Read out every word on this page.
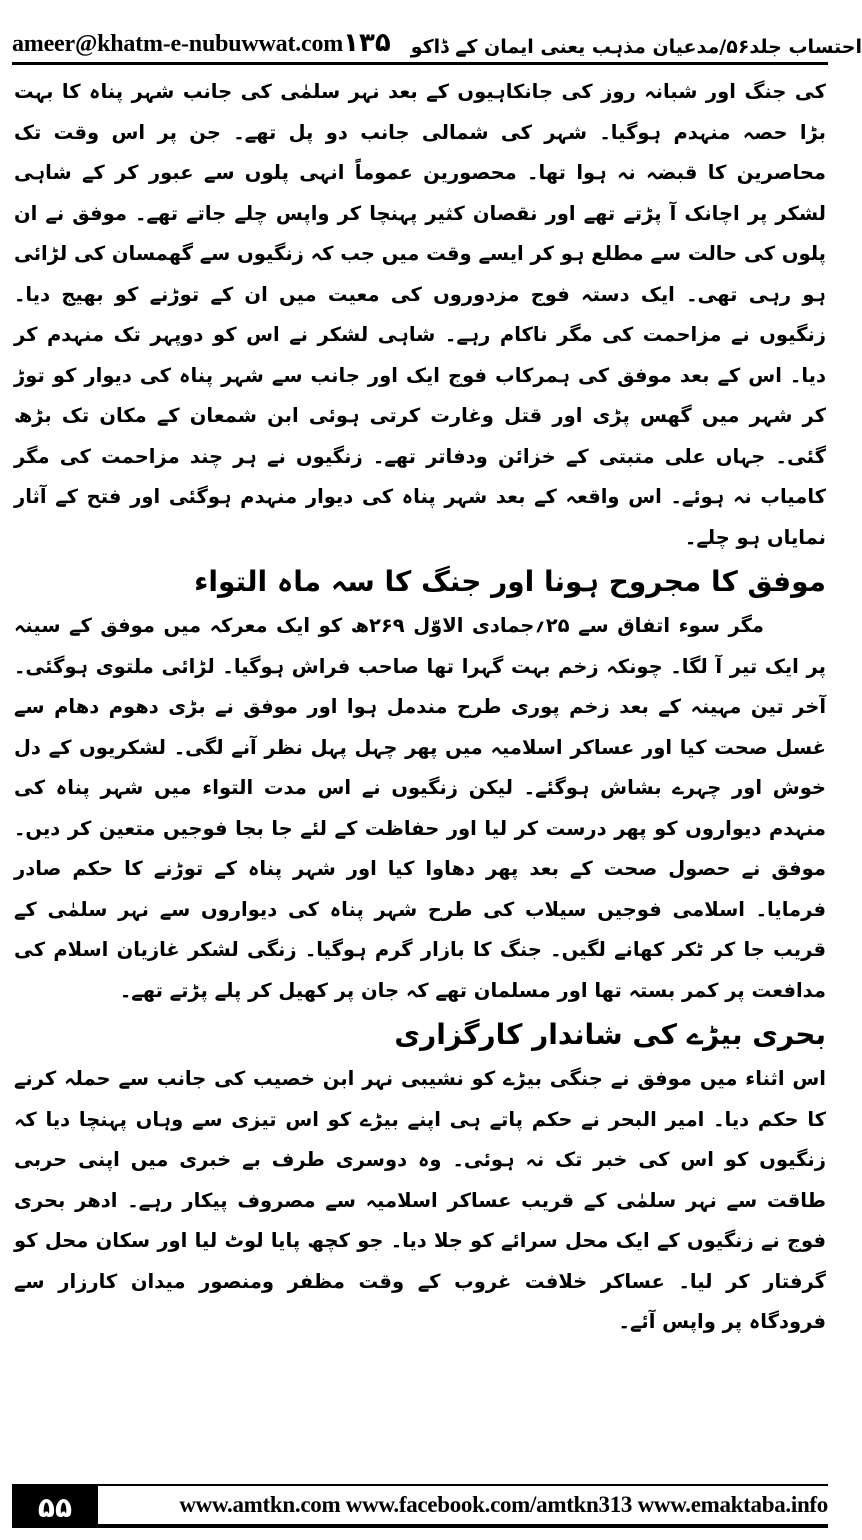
ameer@khatm-e-nubuwwat.com	احتساب جلد۵۶/مدعیان مذہب یعنی ایمان کے ڈاکو
۱۳۵

کی جنگ اور شبانہ روز کی جانکاہیوں کے بعد نہر سلمٰی کی جانب شہر پناہ کا بہت بڑا حصہ منہدم ہوگیا۔ شہر کی شمالی جانب دو پل تھے۔ جن پر اس وقت تک محاصرین کا قبضہ نہ ہوا تھا۔ محصورین عموماً انہی پلوں سے عبور کر کے شاہی لشکر پر اچانک آ پڑتے تھے اور نقصان کثیر پہنچا کر واپس چلے جاتے تھے۔ موفق نے ان پلوں کی حالت سے مطلع ہو کر ایسے وقت میں جب کہ زنگیوں سے گھمسان کی لڑائی ہو رہی تھی۔ ایک دستہ فوج مزدوروں کی معیت میں ان کے توڑنے کو بھیج دیا۔ زنگیوں نے مزاحمت کی مگر ناکام رہے۔ شاہی لشکر نے اس کو دوپہر تک منہدم کر دیا۔ اس کے بعد موفق کی ہمرکاب فوج ایک اور جانب سے شہر پناہ کی دیوار کو توڑ کر شہر میں گھس پڑی اور قتل وغارت کرتی ہوئی ابن شمعان کے مکان تک بڑھ گئی۔ جہاں علی متبتی کے خزائن ودفاتر تھے۔ زنگیوں نے ہر چند مزاحمت کی مگر کامیاب نہ ہوئے۔ اس واقعہ کے بعد شہر پناہ کی دیوار منہدم ہوگئی اور فتح کے آثار نمایاں ہو چلے۔

موفق کا مجروح ہونا اور جنگ کا سہ ماہ التواء

مگر سوء اتفاق سے ۲۵؍جمادی الاوّل ۲۶۹ھ کو ایک معرکہ میں موفق کے سینہ پر ایک تیر آ لگا۔ چونکہ زخم بہت گہرا تھا صاحب فراش ہوگیا۔ لڑائی ملتوی ہوگئی۔ آخر تین مہینہ کے بعد زخم پوری طرح مندمل ہوا اور موفق نے بڑی دھوم دھام سے غسل صحت کیا اور عساکر اسلامیہ میں پھر چہل پہل نظر آنے لگی۔ لشکریوں کے دل خوش اور چہرے بشاش ہوگئے۔ لیکن زنگیوں نے اس مدت التواء میں شہر پناہ کی منہدم دیواروں کو پھر درست کر لیا اور حفاظت کے لئے جا بجا فوجیں متعین کر دیں۔ موفق نے حصول صحت کے بعد پھر دھاوا کیا اور شہر پناہ کے توڑنے کا حکم صادر فرمایا۔ اسلامی فوجیں سیلاب کی طرح شہر پناہ کی دیواروں سے نہر سلمٰی کے قریب جا کر ٹکر کھانے لگیں۔ جنگ کا بازار گرم ہوگیا۔ زنگی لشکر غازیان اسلام کی مدافعت پر کمر بستہ تھا اور مسلمان تھے کہ جان پر کھیل کر پلے پڑتے تھے۔

بحری بیڑے کی شاندار کارگزاری

اس اثناء میں موفق نے جنگی بیڑے کو نشیبی نہر ابن خصیب کی جانب سے حملہ کرنے کا حکم دیا۔ امیر البحر نے حکم پاتے ہی اپنے بیڑے کو اس تیزی سے وہاں پہنچا دیا کہ زنگیوں کو اس کی خبر تک نہ ہوئی۔ وہ دوسری طرف بے خبری میں اپنی حربی طاقت سے نہر سلمٰی کے قریب عساکر اسلامیہ سے مصروف پیکار رہے۔ ادھر بحری فوج نے زنگیوں کے ایک محل سرائے کو جلا دیا۔ جو کچھ پایا لوٹ لیا اور سکان محل کو گرفتار کر لیا۔ عساکر خلافت غروب کے وقت مظفر ومنصور میدان کارزار سے فرودگاہ پر واپس آئے۔

۵۵	www.amtkn.com www.facebook.com/amtkn313 www.emaktaba.info
